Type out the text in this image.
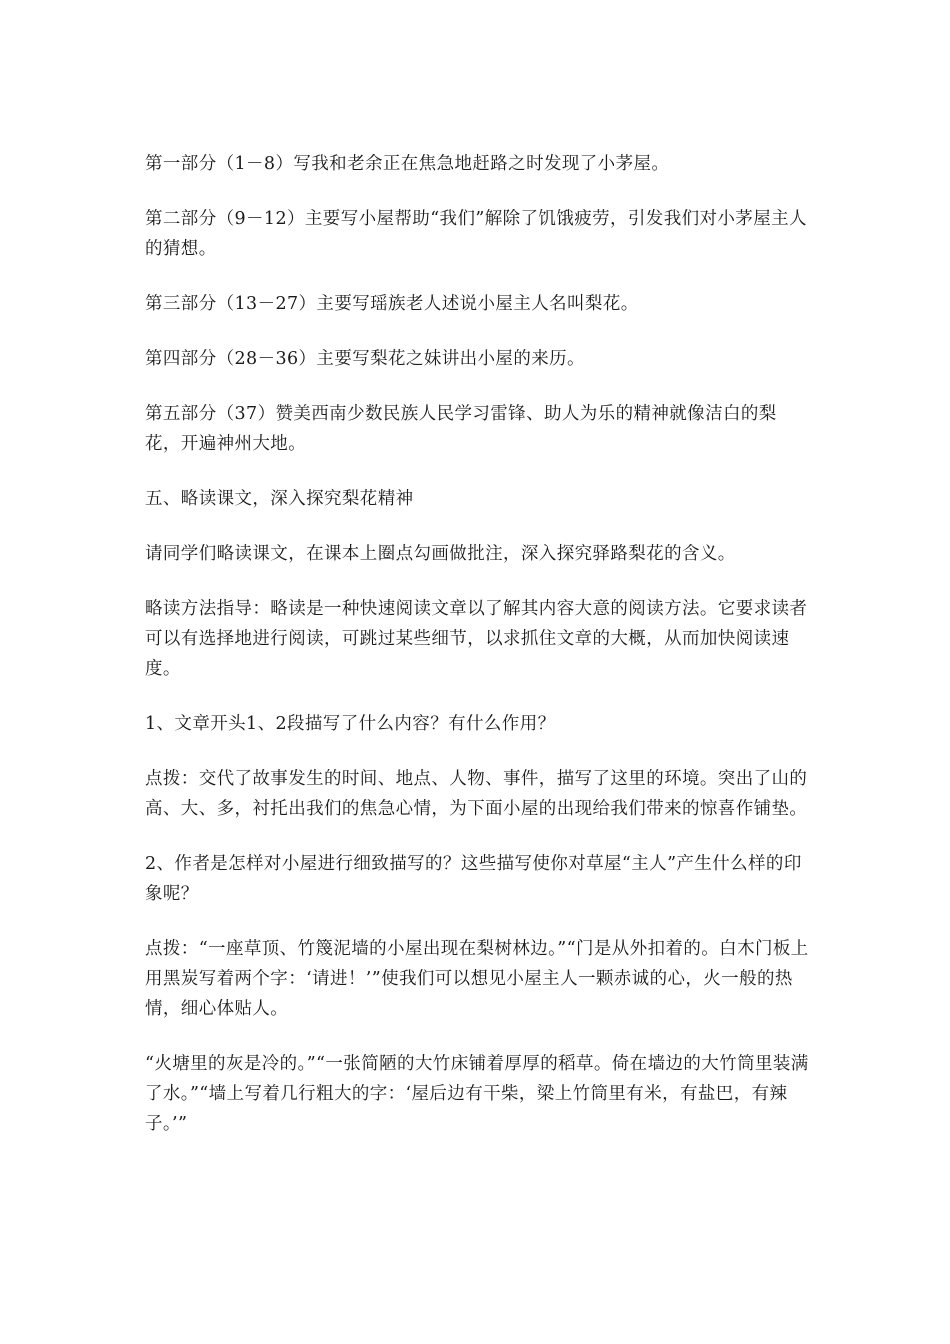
第一部分（1－8）写我和老余正在焦急地赶路之时发现了小茅屋。

第二部分（9－12）主要写小屋帮助“我们”解除了饥饿疲劳，引发我们对小茅屋主人的猜想。

第三部分（13－27）主要写瑶族老人述说小屋主人名叫梨花。

第四部分（28－36）主要写梨花之妹讲出小屋的来历。

第五部分（37）赞美西南少数民族人民学习雷锋、助人为乐的精神就像洁白的梨花，开遍神州大地。

五、略读课文，深入探究梨花精神

请同学们略读课文，在课本上圈点勾画做批注，深入探究驿路梨花的含义。

略读方法指导：略读是一种快速阅读文章以了解其内容大意的阅读方法。它要求读者可以有选择地进行阅读，可跳过某些细节，以求抓住文章的大概，从而加快阅读速度。

1、文章开头1、2段描写了什么内容？有什么作用？

点拨：交代了故事发生的时间、地点、人物、事件，描写了这里的环境。突出了山的高、大、多，衬托出我们的焦急心情，为下面小屋的出现给我们带来的惊喜作铺垫。

2、作者是怎样对小屋进行细致描写的？这些描写使你对草屋“主人”产生什么样的印象呢？

点拨：“一座草顶、竹篾泥墙的小屋出现在梨树林边。”“门是从外扣着的。白木门板上用黑炭写着两个字：‘请进！’”使我们可以想见小屋主人一颗赤诚的心，火一般的热情，细心体贴人。

“火塘里的灰是冷的。”“一张简陋的大竹床铺着厚厚的稻草。倚在墙边的大竹筒里装满了水。”“墙上写着几行粗大的字：‘屋后边有干柴，梁上竹筒里有米，有盐巴，有辣子。’”
